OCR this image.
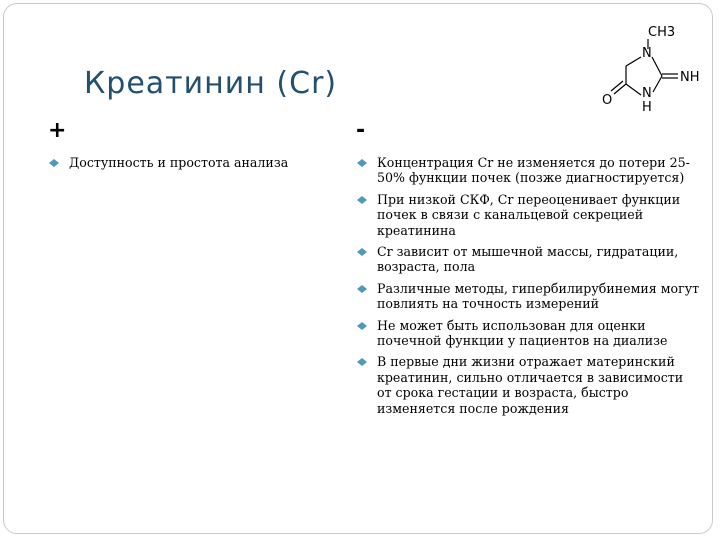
Креатинин (Cr)
CH3
N
NH
N
H
O
+	-
Доступность и простота анализа	Концентрация Cr не изменяется до потери 25-50% функции почек (позже диагностируется)
При низкой СКФ, Cr переоценивает функции почек в связи с канальцевой секрецией креатинина
Cr зависит от мышечной массы, гидратации, возраста, пола
Различные методы, гипербилирубинемия могут повлиять на точность измерений
Не может быть использован для оценки почечной функции у пациентов на диализе
В первые дни жизни отражает материнский креатинин, сильно отличается в зависимости от срока гестации и возраста, быстро изменяется после рождения
